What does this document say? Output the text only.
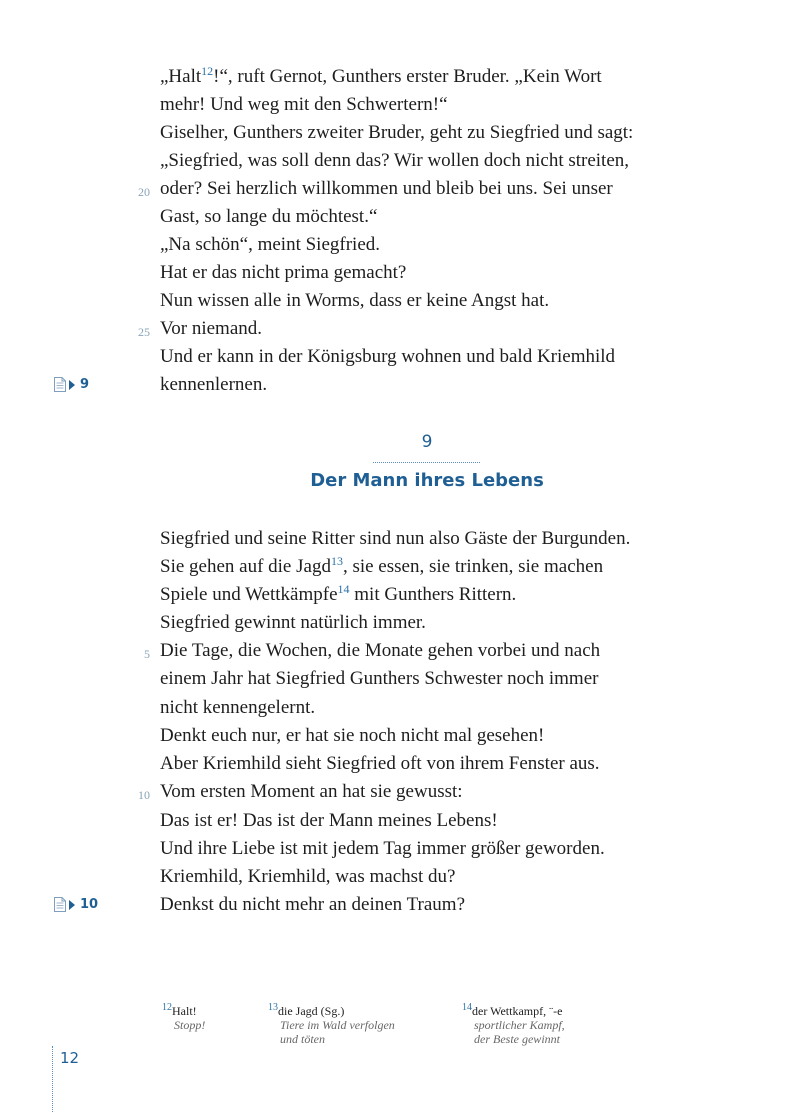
„Halt$^{12}$!“, ruft Gernot, Gunthers erster Bruder. „Kein Wort
mehr! Und weg mit den Schwertern!“
Giselher, Gunthers zweiter Bruder, geht zu Siegfried und sagt:
„Siegfried, was soll denn das? Wir wollen doch nicht streiten,
20 oder? Sei herzlich willkommen und bleib bei uns. Sei unser
Gast, so lange du möchtest.“
„Na schön“, meint Siegfried.
Hat er das nicht prima gemacht?
Nun wissen alle in Worms, dass er keine Angst hat.
25 Vor niemand.
Und er kann in der Königsburg wohnen und bald Kriemhild
kennenlernen.
9
9
Der Mann ihres Lebens
Siegfried und seine Ritter sind nun also Gäste der Burgunden.
Sie gehen auf die Jagd$^{13}$, sie essen, sie trinken, sie machen
Spiele und Wettkämpfe$^{14}$ mit Gunthers Rittern.
Siegfried gewinnt natürlich immer.
5 Die Tage, die Wochen, die Monate gehen vorbei und nach
einem Jahr hat Siegfried Gunthers Schwester noch immer
nicht kennengelernt.
Denkt euch nur, er hat sie noch nicht mal gesehen!
Aber Kriemhild sieht Siegfried oft von ihrem Fenster aus.
10 Vom ersten Moment an hat sie gewusst:
Das ist er! Das ist der Mann meines Lebens!
Und ihre Liebe ist mit jedem Tag immer größer geworden.
Kriemhild, Kriemhild, was machst du?
Denkst du nicht mehr an deinen Traum?
10
$^{12}$Halt!
Stopp!
$^{13}$die Jagd (Sg.)
Tiere im Wald verfolgen
und töten
$^{14}$der Wettkampf, ¨-e
sportlicher Kampf,
der Beste gewinnt
12
